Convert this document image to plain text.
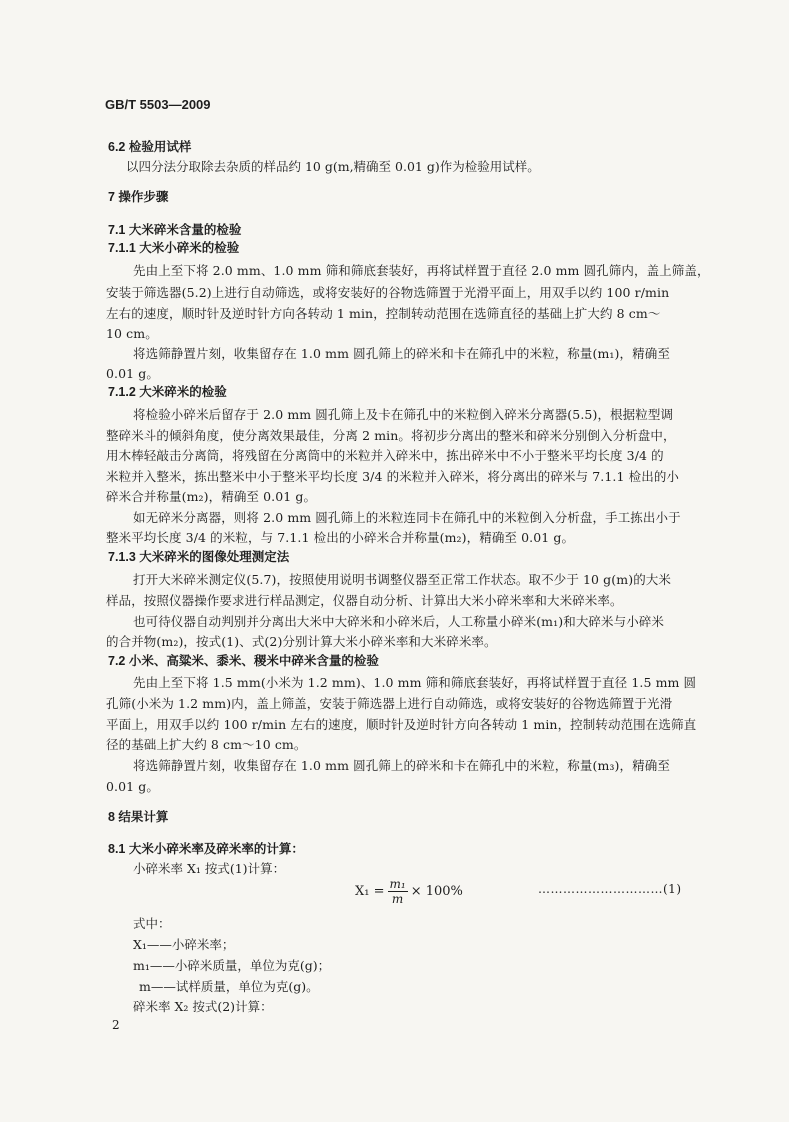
GB/T 5503—2009
6.2 检验用试样
以四分法分取除去杂质的样品约 10 g(m,精确至 0.01 g)作为检验用试样。
7 操作步骤
7.1 大米碎米含量的检验
7.1.1 大米小碎米的检验
先由上至下将 2.0 mm、1.0 mm 筛和筛底套装好，再将试样置于直径 2.0 mm 圆孔筛内，盖上筛盖，
安装于筛选器(5.2)上进行自动筛选，或将安装好的谷物选筛置于光滑平面上，用双手以约 100 r/min
左右的速度，顺时针及逆时针方向各转动 1 min，控制转动范围在选筛直径的基础上扩大约 8 cm～
10 cm。
将选筛静置片刻，收集留存在 1.0 mm 圆孔筛上的碎米和卡在筛孔中的米粒，称量(m₁)，精确至
0.01 g。
7.1.2 大米碎米的检验
将检验小碎米后留存于 2.0 mm 圆孔筛上及卡在筛孔中的米粒倒入碎米分离器(5.5)，根据粒型调
整碎米斗的倾斜角度，使分离效果最佳，分离 2 min。将初步分离出的整米和碎米分别倒入分析盘中，
用木棒轻敲击分离筒，将残留在分离筒中的米粒并入碎米中，拣出碎米中不小于整米平均长度 3/4 的
米粒并入整米，拣出整米中小于整米平均长度 3/4 的米粒并入碎米，将分离出的碎米与 7.1.1 检出的小
碎米合并称量(m₂)，精确至 0.01 g。
如无碎米分离器，则将 2.0 mm 圆孔筛上的米粒连同卡在筛孔中的米粒倒入分析盘，手工拣出小于
整米平均长度 3/4 的米粒，与 7.1.1 检出的小碎米合并称量(m₂)，精确至 0.01 g。
7.1.3 大米碎米的图像处理测定法
打开大米碎米测定仪(5.7)，按照使用说明书调整仪器至正常工作状态。取不少于 10 g(m)的大米
样品，按照仪器操作要求进行样品测定，仪器自动分析、计算出大米小碎米率和大米碎米率。
也可待仪器自动判别并分离出大米中大碎米和小碎米后，人工称量小碎米(m₁)和大碎米与小碎米
的合并物(m₂)，按式(1)、式(2)分别计算大米小碎米率和大米碎米率。
7.2 小米、高粱米、黍米、稷米中碎米含量的检验
先由上至下将 1.5 mm(小米为 1.2 mm)、1.0 mm 筛和筛底套装好，再将试样置于直径 1.5 mm 圆
孔筛(小米为 1.2 mm)内，盖上筛盖，安装于筛选器上进行自动筛选，或将安装好的谷物选筛置于光滑
平面上，用双手以约 100 r/min 左右的速度，顺时针及逆时针方向各转动 1 min，控制转动范围在选筛直
径的基础上扩大约 8 cm～10 cm。
将选筛静置片刻，收集留存在 1.0 mm 圆孔筛上的碎米和卡在筛孔中的米粒，称量(m₃)，精确至
0.01 g。
8 结果计算
8.1 大米小碎米率及碎米率的计算：
小碎米率 X₁ 按式(1)计算：
$X_1 = \frac{\text{m₁}}{m} \times 100\%$	…………………………(1)
式中：
X₁——小碎米率；
m₁——小碎米质量，单位为克(g)；
m——试样质量，单位为克(g)。
碎米率 X₂ 按式(2)计算：
2
